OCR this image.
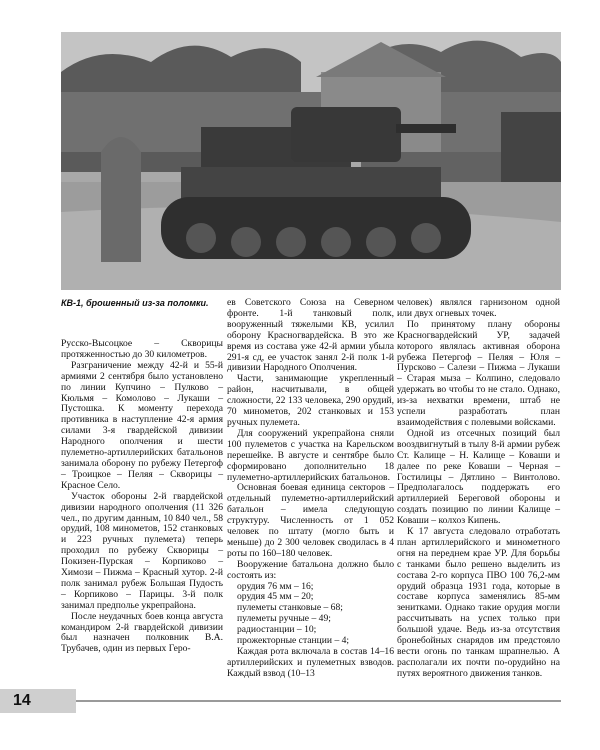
КВ-1, брошенный из-за поломки.

Русско-Высоцкое – Скворицы протяженностью до 30 километров.

Разграничение между 42-й и 55-й армиями 2 сентября было установлено по линии Купчино – Пулково – Кюльмя – Комолово – Лукаши – Пустошка. К моменту перехода противника в наступление 42-я армия силами 3-я гвардейской дивизии Народного ополчения и шести пулеметно-артиллерийских батальонов занимала оборону по рубежу Петергоф – Троицкое – Пеляя – Скворицы – Красное Село.

Участок обороны 2-й гвардейской дивизии народного ополчения (11 326 чел., по другим данным, 10 840 чел., 58 орудий, 108 минометов, 152 станковых и 223 ручных пулемета) теперь проходил по рубежу Скворицы – Покизен-Пурская – Корпиково – Химози – Пижма – Красный хутор. 2-й полк занимал рубеж Большая Пудость – Корпиково – Парицы. 3-й полк занимал предполье укрепрайона.

После неудачных боев конца августа командиром 2-й гвардейской дивизии был назначен полковник В.А. Трубачев, один из первых Геро-

ев Советского Союза на Северном фронте. 1-й танковый полк, вооруженный тяжелыми КВ, усилил оборону Красногвардейска. В это же время из состава уже 42-й армии убыла 291-я сд, ее участок занял 2-й полк 1-й дивизии Народного Ополчения.

Части, занимающие укрепленный район, насчитывали, в общей сложности, 22 133 человека, 290 орудий, 70 минометов, 202 станковых и 153 ручных пулемета.

Для сооружений укрепрайона сняли 100 пулеметов с участка на Карельском перешейке. В августе и сентябре было сформировано дополнительно 18 пулеметно-артиллерийских батальонов.

Основная боевая единица секторов – отдельный пулеметно-артиллерийский батальон – имела следующую структуру. Численность от 1 052 человек по штату (могло быть и меньше) до 2 300 человек сводилась в 4 роты по 160–180 человек.

Вооружение батальона должно было состоять из:

орудия 76 мм – 16;

орудия 45 мм – 20;

пулеметы станковые – 68;

пулеметы ручные – 49;

радиостанции – 10;

прожекторные станции – 4;

Каждая рота включала в состав 14–16 артиллерийских и пулеметных взводов. Каждый взвод (10–13

человек) являлся гарнизоном одной или двух огневых точек.

По принятому плану обороны Красногвардейский УР, задачей которого являлась активная оборона рубежа Петергоф – Пеляя – Юля – Пурсково – Салези – Пижма – Лукаши – Старая мыза – Колпино, следовало удержать во чтобы то не стало. Однако, из-за нехватки времени, штаб не успели разработать план взаимодействия с полевыми войсками.

Одной из отсечных позиций был вооздвигнутый в тылу 8-й армии рубеж Ст. Калище – Н. Калище – Коваши и далее по реке Коваши – Черная – Гостилицы – Дятлино – Винтолово. Предполагалось поддержать его артиллерией Береговой обороны и создать позицию по линии Калище – Коваши – колхоз Кипень.

К 17 августа следовало отработать план артиллерийского и минометного огня на переднем крае УР. Для борьбы с танками было решено выделить из состава 2-го корпуса ПВО 100 76,2-мм орудий образца 1931 года, которые в составе корпуса заменялись 85-мм зенитками. Однако такие орудия могли рассчитывать на успех только при большой удаче. Ведь из-за отсутствия бронебойных снарядов им предстояло вести огонь по танкам шрапнелью. А располагали их почти по-орудийно на путях вероятного движения танков.

14
